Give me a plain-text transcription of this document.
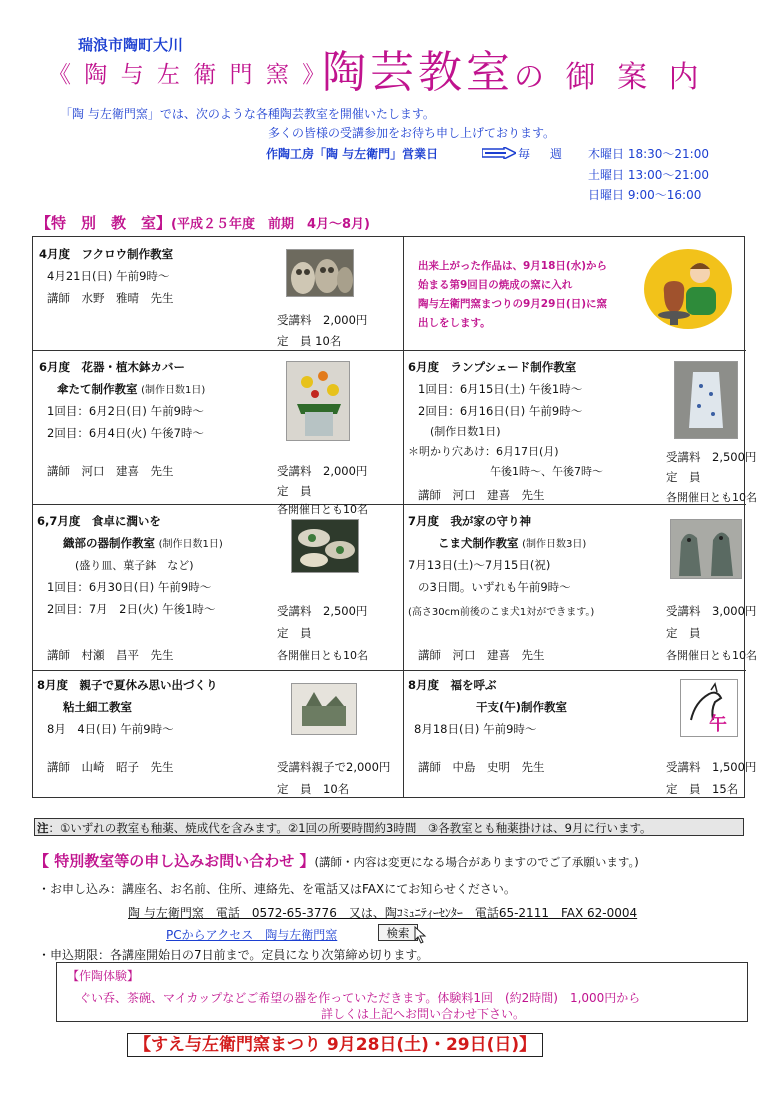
瑞浪市陶町大川
《 陶 与 左 衛 門 窯 》
陶芸教室の 御 案 内
「陶 与左衛門窯」では、次のような各種陶芸教室を開催いたします。
多くの皆様の受講参加をお待ち申し上げております。
作陶工房「陶 与左衛門」営業日	毎 週 木曜日 18:30〜21:00
土曜日 13:00〜21:00
日曜日 9:00〜16:00
【特　別　教　室】(平成２５年度　前期　4月〜8月)
4月度　フクロウ制作教室
4月21日(日) 午前9時〜
講師　水野　雅晴　先生
受講料　2,000円
定　員 10名
出来上がった作品は、9月18日(水)から
始まる第9回目の焼成の窯に入れ
陶与左衛門窯まつりの9月29日(日)に窯
出しをします。
6月度　花器・植木鉢カバー
傘たて制作教室 (制作日数1日)
1回目：6月2日(日) 午前9時〜
2回目：6月4日(火) 午後7時〜
講師　河口　建喜　先生	受講料　2,000円
定　員
各開催日とも10名
6月度　ランプシェード制作教室
1回目：6月15日(土) 午後1時〜
2回目：6月16日(日) 午前9時〜
(制作日数1日)
＊明かり穴あけ：6月17日(月)
午後1時〜、午後7時〜
講師　河口　建喜　先生
受講料　2,500円
定　員
各開催日とも10名
6,7月度　食卓に潤いを
織部の器制作教室 (制作日数1日)
(盛り皿、菓子鉢　など)
1回目：6月30日(日) 午前9時〜
2回目：7月　2日(火) 午後1時〜
講師　村瀬　昌平　先生
受講料　2,500円
定　員
各開催日とも10名
7月度　我が家の守り神
こま犬制作教室 (制作日数3日)
7月13日(土)〜7月15日(祝)
の3日間。いずれも午前9時〜
(高さ30cm前後のこま犬1対ができます。)
講師　河口　建喜　先生
受講料　3,000円
定　員
各開催日とも10名
8月度　親子で夏休み思い出づくり
粘土細工教室
8月　4日(日) 午前9時〜
講師　山崎　昭子　先生	受講料親子で2,000円
定　員　10名
8月度　福を呼ぶ
干支(午)制作教室
8月18日(日) 午前9時〜
講師　中島　史明　先生
午
受講料　1,500円
定　員　15名
注：①いずれの教室も釉薬、焼成代を含みます。②1回の所要時間約3時間　③各教室とも釉薬掛けは、9月に行います。
【 特別教室等の申し込みお問い合わせ 】(講師・内容は変更になる場合がありますのでご了承願います。)
・お申し込み：講座名、お名前、住所、連絡先、を電話又はFAXにてお知らせください。
陶 与左衛門窯　電話　0572-65-3776　又は、陶ｺﾐｭﾆﾃｨｰｾﾝﾀｰ　電話65-2111　FAX 62-0004
PCからアクセス　陶与左衛門窯	検索
・申込期限：各講座開始日の7日前まで。定員になり次第締め切ります。
【作陶体験】
ぐい呑、茶碗、マイカップなどご希望の器を作っていただきます。体験料1回　(約2時間)　1,000円から
詳しくは上記へお問い合わせ下さい。
【すえ与左衛門窯まつり 9月28日(土)・29日(日)】
